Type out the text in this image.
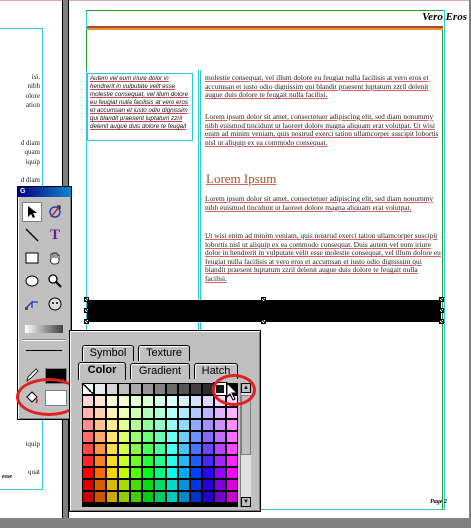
isi.
nibh
olore
ation
d diam
quam
iquip
d diam
iquip
quat
esse
Vero Eros
Autem vel eum iriure dolor in hendrerit in vulputate velit esse molestie consequat, vel illum dolore eu feugiat nulla facilisis at vero eros et accumsan et iusto odio dignissim qui blandit praesent luptatum zzril delenit augue duis dolore te feugait
molestie consequat, vel illum dolore eu feugiat nulla facilisis at vero eros et accumsan et iusto odio dignissim qui blandit praesent luptatum zzril delenit augue duis dolore te feugait nulla facilisi.
Lorem ipsum dolor sit amet, consectetuer adipiscing elit, sed diam nonummy nibh euismod tincidunt ut laoreet dolore magna aliquam erat volutpat. Ut wisi enim ad minim veniam, quis nostrud exerci tation ullamcorper suscipit lobortis nisl ut aliquip ex ea commodo consequat.
Lorem Ipsum
Lorem ipsum dolor sit amet, consectetuer adipiscing elit, sed diam nonummy nibh euismod tincidunt ut laoreet dolore magna aliquam erat volutpat.
Ut wisi enim ad minim veniam, quis nostrud exerci tation ullamcorper suscipit lobortis nisl ut aliquip ex ea commodo consequat. Duis autem vel eum iriure dolor in hendrerit in vulputate velit esse molestie consequat, vel illum dolore eu feugiat nulla facilisis at vero eros et accumsan et iusto odio dignissim qui blandit praesent luptatum zzril delenit augue duis dolore te feugait nulla facilisi.
Page 2
G
T
Symbol	Texture
Color	Gradient	Hatch
▲
▼
